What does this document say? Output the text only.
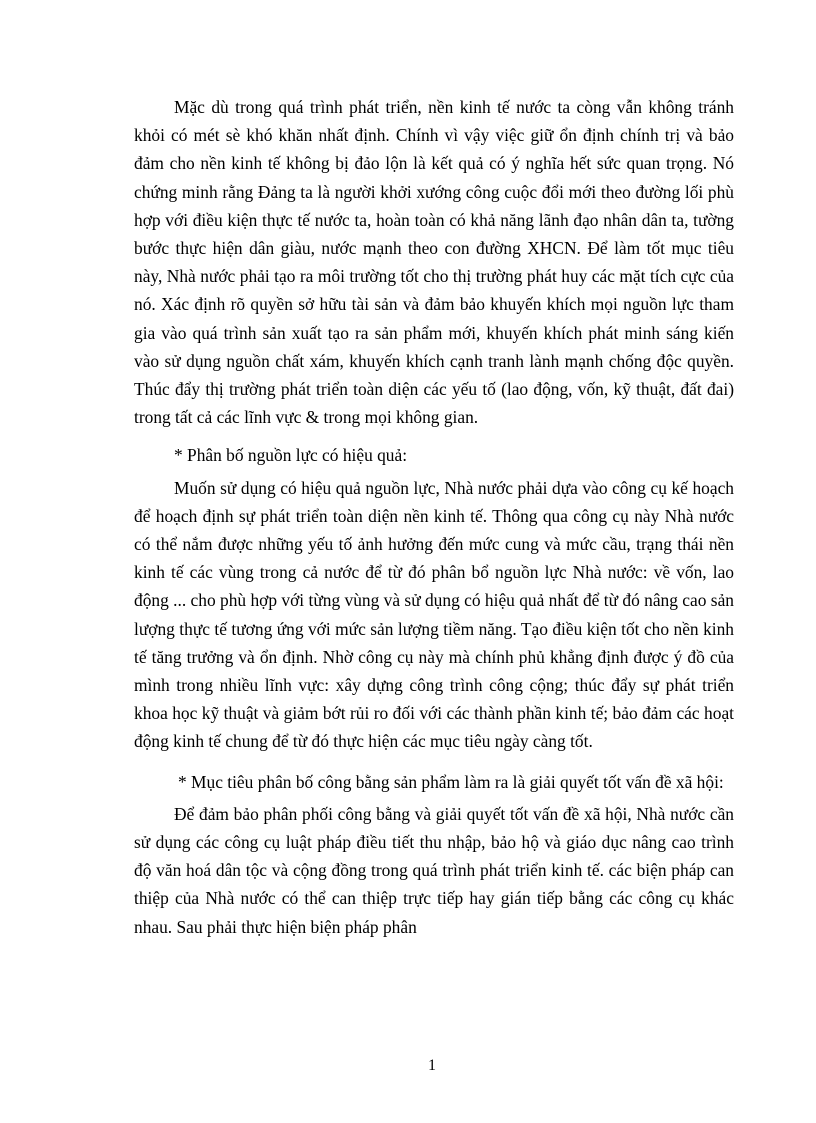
Mặc dù trong quá trình phát triển, nền kinh tế nước ta còng vẫn không tránh khỏi có mét sè khó khăn nhất định. Chính vì vậy việc giữ ổn định chính trị và bảo đảm cho nền kinh tế không bị đảo lộn là kết quả có ý nghĩa hết sức quan trọng. Nó chứng minh rằng Đảng ta là người khởi xướng công cuộc đổi mới theo đường lối phù hợp với điều kiện thực tế nước ta, hoàn toàn có khả năng lãnh đạo nhân dân ta, tường bước thực hiện dân giàu, nước mạnh theo con đường XHCN. Để làm tốt mục tiêu này, Nhà nước phải tạo ra môi trường tốt cho thị trường phát huy các mặt tích cực của nó. Xác định rõ quyền sở hữu tài sản và đảm bảo khuyến khích mọi nguồn lực tham gia vào quá trình sản xuất tạo ra sản phẩm mới, khuyến khích phát minh sáng kiến vào sử dụng nguồn chất xám, khuyến khích cạnh tranh lành mạnh chống độc quyền. Thúc đẩy thị trường phát triển toàn diện các yếu tố (lao động, vốn, kỹ thuật, đất đai) trong tất cả các lĩnh vực & trong mọi không gian.

* Phân bố nguồn lực có hiệu quả:

Muốn sử dụng có hiệu quả nguồn lực, Nhà nước phải dựa vào công cụ kế hoạch để hoạch định sự phát triển toàn diện nền kinh tế. Thông qua công cụ này Nhà nước có thể nắm được những yếu tố ảnh hưởng đến mức cung và mức cầu, trạng thái nền kinh tế các vùng trong cả nước để từ đó phân bổ nguồn lực Nhà nước: về vốn, lao động ... cho phù hợp với từng vùng và sử dụng có hiệu quả nhất để từ đó nâng cao sản lượng thực tế tương ứng với mức sản lượng tiềm năng. Tạo điều kiện tốt cho nền kinh tế tăng trưởng và ổn định. Nhờ công cụ này mà chính phủ khẳng định được ý đồ của mình trong nhiều lĩnh vực: xây dựng công trình công cộng; thúc đẩy sự phát triển khoa học kỹ thuật và giảm bớt rủi ro đối với các thành phần kinh tế; bảo đảm các hoạt động kinh tế chung để từ đó thực hiện các mục tiêu ngày càng tốt.

* Mục tiêu phân bố công bằng sản phẩm làm ra là giải quyết tốt vấn đề xã hội:

Để đảm bảo phân phối công bằng và giải quyết tốt vấn đề xã hội, Nhà nước cần sử dụng các công cụ luật pháp điều tiết thu nhập, bảo hộ và giáo dục nâng cao trình độ văn hoá dân tộc và cộng đồng trong quá trình phát triển kinh tế. các biện pháp can thiệp của Nhà nước có thể can thiệp trực tiếp hay gián tiếp bằng các công cụ khác nhau. Sau phải thực hiện biện pháp phân

1
